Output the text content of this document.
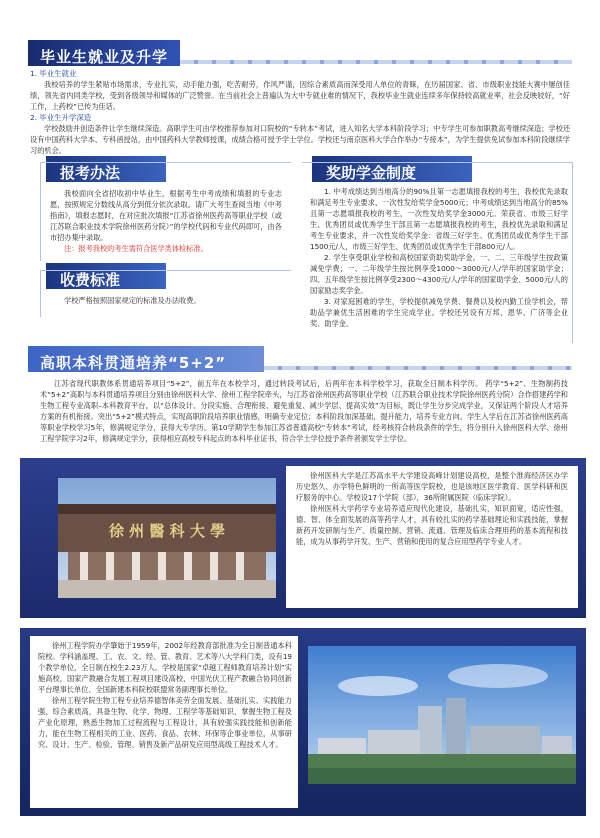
毕业生就业及升学

1. 毕业生就业

我校培养的学生紧贴市场需求，专业扎实，动手能力强，吃苦耐劳，作风严谨，因综合素质高而深受用人单位的青睐，在历届国家、省、市级职业技能大赛中屡创佳绩，领先省内同类学校，受到各级领导和媒体的广泛赞誉。在当前社会上普遍认为大中专就业难的情况下，我校毕业生就业连续多年保持较高就业率，社会反映较好，“好工作，上药校”已传为佳话。

2. 毕业生升学深造

学校鼓励并创造条件让学生继续深造。高职学生可由学校推荐参加对口院校的“专转本”考试，进入知名大学本科阶段学习；中专学生可参加职教高考继续深造；学校还设有中国药科大学本、专科函授站，由中国药科大学教师授课，成绩合格可授予学士学位。学校还与南京医科大学合作举办“专接本”，为学生提供免试参加本科阶段继续学习的机会。

报考办法

我校面向全省招收初中毕业生，根据考生中考成绩和填报的专业志愿，按照规定分数线从高分到低分依次录取。请广大考生查阅当地《中考指南》，填报志愿时，在对应批次填报“江苏省徐州医药高等职业学校（或江苏联合职业技术学院徐州医药分院）”的学校代码和专业代码即可，由各市招办集中录取。

注：报考我校的考生需符合医学类体检标准。

收费标准

学校严格按照国家规定的标准及办法收费。

奖助学金制度

1. 中考成绩达到当地高分的90%且第一志愿填报我校的考生，我校优先录取和满足考生专业要求，一次性发给奖学金5000元；中考成绩达到当地高分的85%且第一志愿填报我校的考生，一次性发给奖学金3000元。荣获省、市级三好学生、优秀团员或优秀学生干部且第一志愿填报我校的考生，我校优先录取和满足考生专业要求，并一次性发给奖学金：省级三好学生、优秀团员或优秀学生干部1500元/人，市级三好学生、优秀团员或优秀学生干部800元/人。

2. 学生享受职业学校和高校国家资助奖助学金。一、二、三年级学生按政策减免学费；一、二年级学生按比例享受1000～3000元/人/学年的国家助学金；四、五年级学生按比例享受2300～4300元/人/学年的国家助学金、5000元/人的国家励志奖学金。

3. 对家庭困难的学生，学校提供减免学费、餐费以及校内勤工俭学机会，帮助品学兼优生活困难的学生完成学业。学校还另设有万邦、恩华、广济等企业奖、助学金。

高职本科贯通培养“5+2”

江苏省现代职教体系贯通培养项目“5+2”，前五年在本校学习，通过转段考试后，后两年在本科学校学习，获取全日制本科学历。 药学“5+2”、生物制药技术“5+2”高职与本科贯通培养项目分别由徐州医科大学、徐州工程学院牵头，与江苏省徐州医药高等职业学校（江苏联合职业技术学院徐州医药分院）合作搭建药学和生物工程专业高职–本科教育平台，以“总体设计、分段实施、合理衔接、避免重复、减少学层、提高实效”为目标，既让学生分步完成学业，又保证两个阶段人才培养方案的有机衔接。突出“5+2”模式特点，实现高职阶段培养职业情感，明确专业定位；本科阶段加深基础，提升能力，培养专业方向。学生入学后在江苏省徐州医药高等职业学校学习5年，修满规定学分，获得大专学历。第10学期学生参加江苏省普通高校“专转本”考试，经考核符合转段条件的学生，将分别升入徐州医科大学、徐州工程学院学习2年，修满规定学分，获得相应高校专科起点的本科毕业证书，符合学士学位授予条件者颁发学士学位。

徐 州 醫 科 大 學

徐州医科大学是江苏高水平大学建设高峰计划建设高校，是整个淮海经济区办学历史悠久、办学特色鲜明的一所高等医学院校，也是该地区医学教育、医学科研和医疗服务的中心。学校设17个学院（部），36所附属医院（临床学院）。

徐州医科大学药学专业培养适应现代化建设，基础扎实，知识面宽，适应性强，德、智、体全面发展的高等药学人才，具有较扎实的药学基础理论和实践技能，掌握新药开发研制与生产、质量控制、营销、流通、管理及临床合理用药的基本流程和技能，成为从事药学开发、生产、营销和使用的复合应用型药学专业人才。

徐州工程学院办学肇始于1959年，2002年经教育部批准为全日制普通本科院校。学科涵盖理、工、农、文、经、管、教育、艺术等八大学科门类，设有19个教学单位，全日制在校生2.23万人。学校是国家“卓越工程师教育培养计划”实施高校，国家产教融合发展工程项目建设高校，中国光伏工程产教融合协同创新平台理事长单位、全国新建本科院校联盟常务副理事长单位。

徐州工程学院生物工程专业培养德智体美劳全面发展、基础扎实、实践能力强、综合素质高，具备生物、化学、物理、工程学等基础知识，掌握生物工程及产业化原理，熟悉生物加工过程流程与工程设计，具有较强实践技能和创新能力，能在生物工程相关的工业、医药、食品、农林、环保等企事业单位，从事研究、设计、生产、检验、管理、销售及新产品研发应用型高级工程技术人才。
